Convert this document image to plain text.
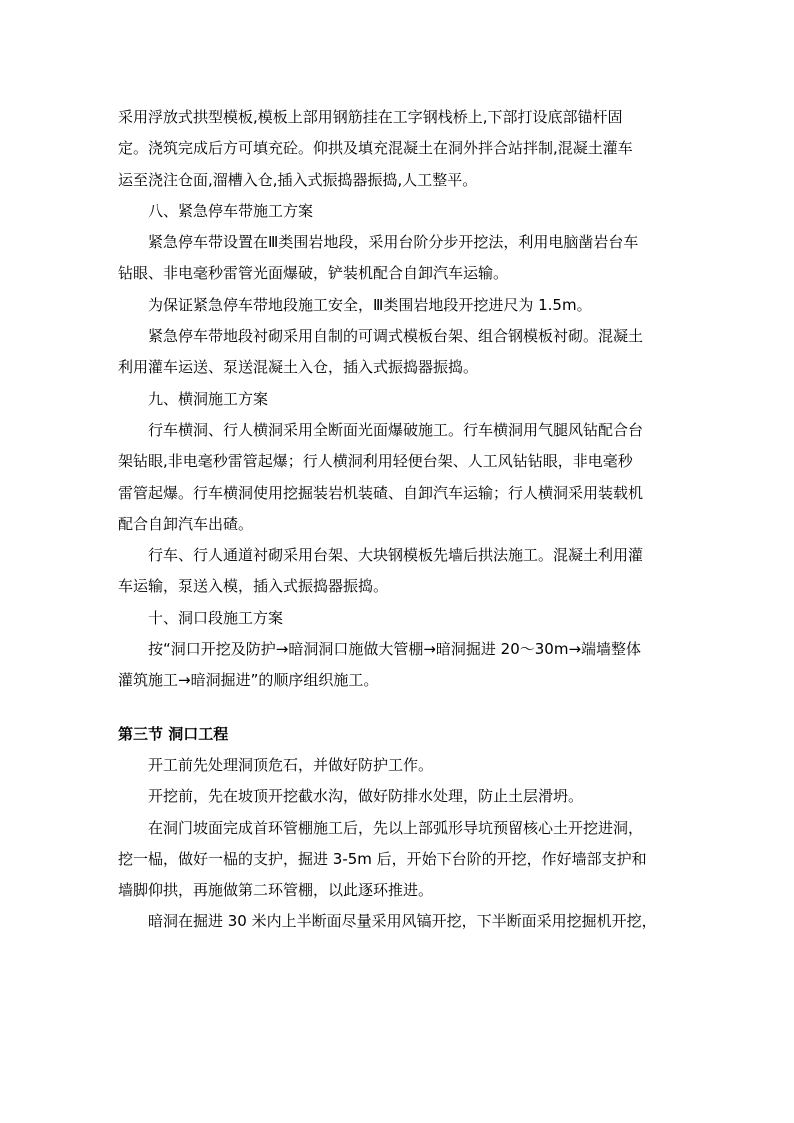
采用浮放式拱型模板,模板上部用钢筋挂在工字钢栈桥上,下部打设底部锚杆固
定。浇筑完成后方可填充砼。仰拱及填充混凝土在洞外拌合站拌制,混凝土灌车
运至浇注仓面,溜槽入仓,插入式振捣器振捣,人工整平。
八、紧急停车带施工方案
紧急停车带设置在Ⅲ类围岩地段，采用台阶分步开挖法，利用电脑凿岩台车
钻眼、非电毫秒雷管光面爆破，铲装机配合自卸汽车运输。
为保证紧急停车带地段施工安全，Ⅲ类围岩地段开挖进尺为 1.5m。
紧急停车带地段衬砌采用自制的可调式模板台架、组合钢模板衬砌。混凝土
利用灌车运送、泵送混凝土入仓，插入式振捣器振捣。
九、横洞施工方案
行车横洞、行人横洞采用全断面光面爆破施工。行车横洞用气腿风钻配合台
架钻眼,非电毫秒雷管起爆；行人横洞利用轻便台架、人工风钻钻眼，非电毫秒
雷管起爆。行车横洞使用挖掘装岩机装碴、自卸汽车运输；行人横洞采用装载机
配合自卸汽车出碴。
行车、行人通道衬砌采用台架、大块钢模板先墙后拱法施工。混凝土利用灌
车运输，泵送入模，插入式振捣器振捣。
十、洞口段施工方案
按“洞口开挖及防护→暗洞洞口施做大管棚→暗洞掘进 20～30m→端墙整体
灌筑施工→暗洞掘进”的顺序组织施工。
第三节 洞口工程
开工前先处理洞顶危石，并做好防护工作。
开挖前，先在坡顶开挖截水沟，做好防排水处理，防止土层滑坍。
在洞门坡面完成首环管棚施工后，先以上部弧形导坑预留核心土开挖进洞，
挖一榀，做好一榀的支护，掘进 3-5m 后，开始下台阶的开挖，作好墙部支护和
墙脚仰拱，再施做第二环管棚，以此逐环推进。
暗洞在掘进 30 米内上半断面尽量采用风镐开挖，下半断面采用挖掘机开挖，
